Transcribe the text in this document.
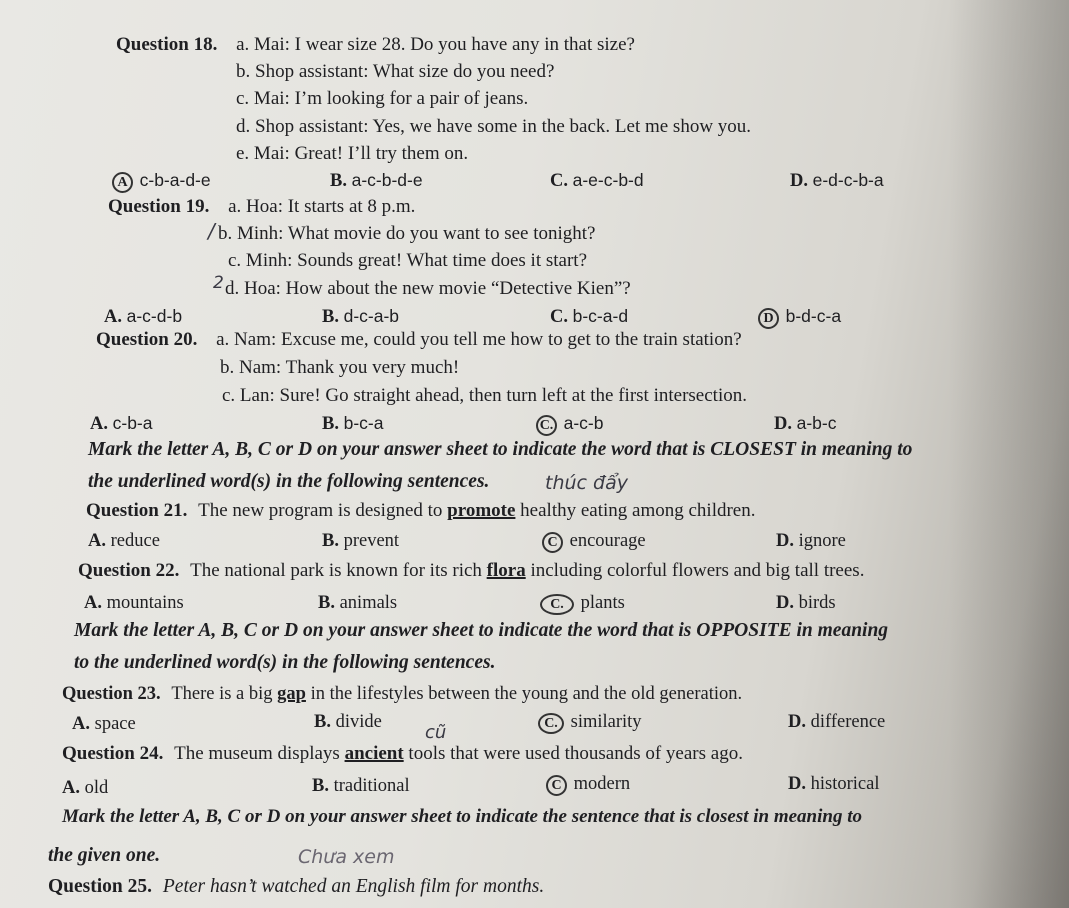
Question 18. a. Mai: I wear size 28. Do you have any in that size?
b. Shop assistant: What size do you need?
c. Mai: I’m looking for a pair of jeans.
d. Shop assistant: Yes, we have some in the back. Let me show you.
e. Mai: Great! I’ll try them on.
A c-b-a-d-e	B. a-c-b-d-e	C. a-e-c-b-d	D. e-d-c-b-a
Question 19. a. Hoa: It starts at 8 p.m.
/ b. Minh: What movie do you want to see tonight?
c. Minh: Sounds great! What time does it start?
2 d. Hoa: How about the new movie “Detective Kien”?
A. a-c-d-b	B. d-c-a-b	C. b-c-a-d	D b-d-c-a
Question 20. a. Nam: Excuse me, could you tell me how to get to the train station?
b. Nam: Thank you very much!
c. Lan: Sure! Go straight ahead, then turn left at the first intersection.
A. c-b-a	B. b-c-a	C. a-c-b	D. a-b-c
Mark the letter A, B, C or D on your answer sheet to indicate the word that is CLOSEST in meaning to
the underlined word(s) in the following sentences.	thúc đẩy
Question 21. The new program is designed to promote healthy eating among children.
A. reduce	B. prevent	C encourage	D. ignore
Question 22. The national park is known for its rich flora including colorful flowers and big tall trees.
A. mountains	B. animals	C. plants	D. birds
Mark the letter A, B, C or D on your answer sheet to indicate the word that is OPPOSITE in meaning
to the underlined word(s) in the following sentences.
Question 23. There is a big gap in the lifestyles between the young and the old generation.
A. space	B. divide cũ	C. similarity	D. difference
Question 24. The museum displays ancient tools that were used thousands of years ago.
A. old	B. traditional	C modern	D. historical
Mark the letter A, B, C or D on your answer sheet to indicate the sentence that is closest in meaning to
the given one.	Chưa xem
Question 25. Peter hasn’t watched an English film for months.
